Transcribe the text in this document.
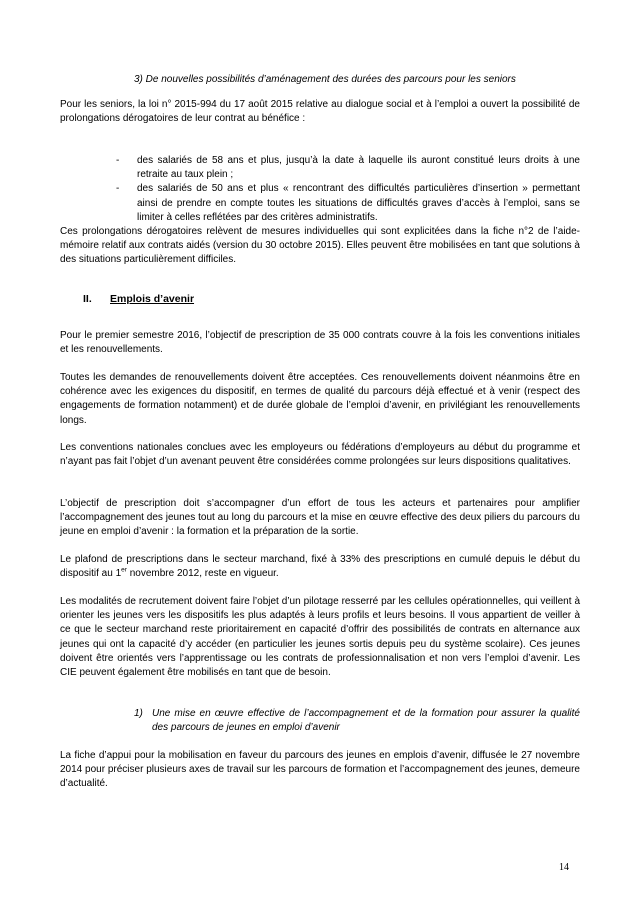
3) De nouvelles possibilités d’aménagement des durées des parcours pour les seniors

Pour les seniors, la loi n° 2015-994 du 17 août 2015 relative au dialogue social et à l’emploi a ouvert la possibilité de prolongations dérogatoires de leur contrat au bénéfice :

- des salariés de 58 ans et plus, jusqu’à la date à laquelle ils auront constitué leurs droits à une retraite au taux plein ;
- des salariés de 50 ans et plus « rencontrant des difficultés particulières d’insertion » permettant ainsi de prendre en compte toutes les situations de difficultés graves d’accès à l’emploi, sans se limiter à celles reflétées par des critères administratifs.

Ces prolongations dérogatoires relèvent de mesures individuelles qui sont explicitées dans la fiche n°2 de l’aide-mémoire relatif aux contrats aidés (version du 30 octobre 2015). Elles peuvent être mobilisées en tant que solutions à des situations particulièrement difficiles.

II. Emplois d’avenir

Pour le premier semestre 2016, l’objectif de prescription de 35 000 contrats couvre à la fois les conventions initiales et les renouvellements.

Toutes les demandes de renouvellements doivent être acceptées. Ces renouvellements doivent néanmoins être en cohérence avec les exigences du dispositif, en termes de qualité du parcours déjà effectué et à venir (respect des engagements de formation notamment) et de durée globale de l’emploi d’avenir, en privilégiant les renouvellements longs.

Les conventions nationales conclues avec les employeurs ou fédérations d’employeurs au début du programme et n’ayant pas fait l’objet d’un avenant peuvent être considérées comme prolongées sur leurs dispositions qualitatives.

L’objectif de prescription doit s’accompagner d’un effort de tous les acteurs et partenaires pour amplifier l’accompagnement des jeunes tout au long du parcours et la mise en œuvre effective des deux piliers du parcours du jeune en emploi d’avenir : la formation et la préparation de la sortie.

Le plafond de prescriptions dans le secteur marchand, fixé à 33% des prescriptions en cumulé depuis le début du dispositif au 1er novembre 2012, reste en vigueur.

Les modalités de recrutement doivent faire l’objet d’un pilotage resserré par les cellules opérationnelles, qui veillent à orienter les jeunes vers les dispositifs les plus adaptés à leurs profils et leurs besoins. Il vous appartient de veiller à ce que le secteur marchand reste prioritairement en capacité d’offrir des possibilités de contrats en alternance aux jeunes qui ont la capacité d’y accéder (en particulier les jeunes sortis depuis peu du système scolaire). Ces jeunes doivent être orientés vers l’apprentissage ou les contrats de professionnalisation et non vers l’emploi d’avenir. Les CIE peuvent également être mobilisés en tant que de besoin.

1) Une mise en œuvre effective de l’accompagnement et de la formation pour assurer la qualité des parcours de jeunes en emploi d’avenir

La fiche d’appui pour la mobilisation en faveur du parcours des jeunes en emplois d’avenir, diffusée le 27 novembre 2014 pour préciser plusieurs axes de travail sur les parcours de formation et l’accompagnement des jeunes, demeure d’actualité.

14
